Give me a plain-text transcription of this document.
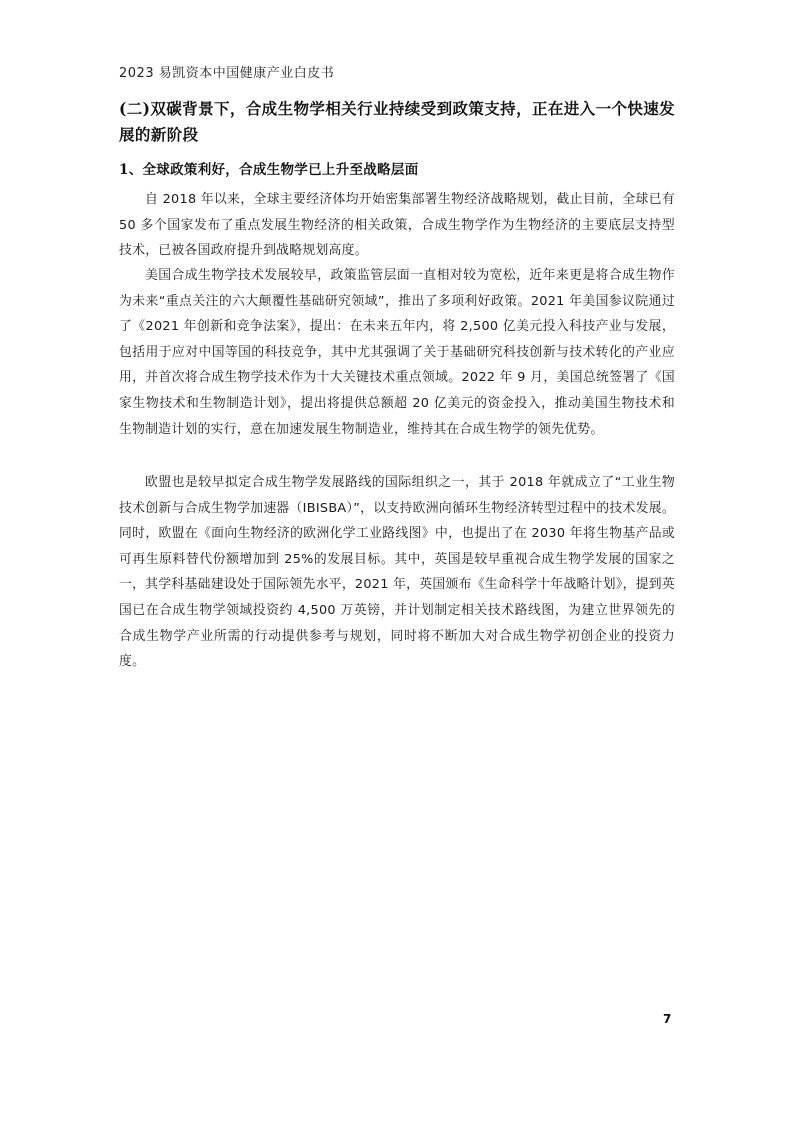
2023 易凯资本中国健康产业白皮书
(二)双碳背景下，合成生物学相关行业持续受到政策支持，正在进入一个快速发展的新阶段
1、全球政策利好，合成生物学已上升至战略层面

自 2018 年以来，全球主要经济体均开始密集部署生物经济战略规划，截止目前，全球已有 50 多个国家发布了重点发展生物经济的相关政策，合成生物学作为生物经济的主要底层支持型技术，已被各国政府提升到战略规划高度。

美国合成生物学技术发展较早，政策监管层面一直相对较为宽松，近年来更是将合成生物作为未来“重点关注的六大颠覆性基础研究领域”，推出了多项利好政策。2021 年美国参议院通过了《2021 年创新和竞争法案》，提出：在未来五年内，将 2,500 亿美元投入科技产业与发展，包括用于应对中国等国的科技竞争，其中尤其强调了关于基础研究科技创新与技术转化的产业应用，并首次将合成生物学技术作为十大关键技术重点领域。2022 年 9 月，美国总统签署了《国家生物技术和生物制造计划》，提出将提供总额超 20 亿美元的资金投入，推动美国生物技术和生物制造计划的实行，意在加速发展生物制造业，维持其在合成生物学的领先优势。

欧盟也是较早拟定合成生物学发展路线的国际组织之一，其于 2018 年就成立了“工业生物技术创新与合成生物学加速器（IBISBA）”，以支持欧洲向循环生物经济转型过程中的技术发展。同时，欧盟在《面向生物经济的欧洲化学工业路线图》中，也提出了在 2030 年将生物基产品或可再生原料替代份额增加到 25%的发展目标。其中，英国是较早重视合成生物学发展的国家之一，其学科基础建设处于国际领先水平，2021 年，英国颁布《生命科学十年战略计划》，提到英国已在合成生物学领域投资约 4,500 万英镑，并计划制定相关技术路线图，为建立世界领先的合成生物学产业所需的行动提供参考与规划，同时将不断加大对合成生物学初创企业的投资力度。

7
